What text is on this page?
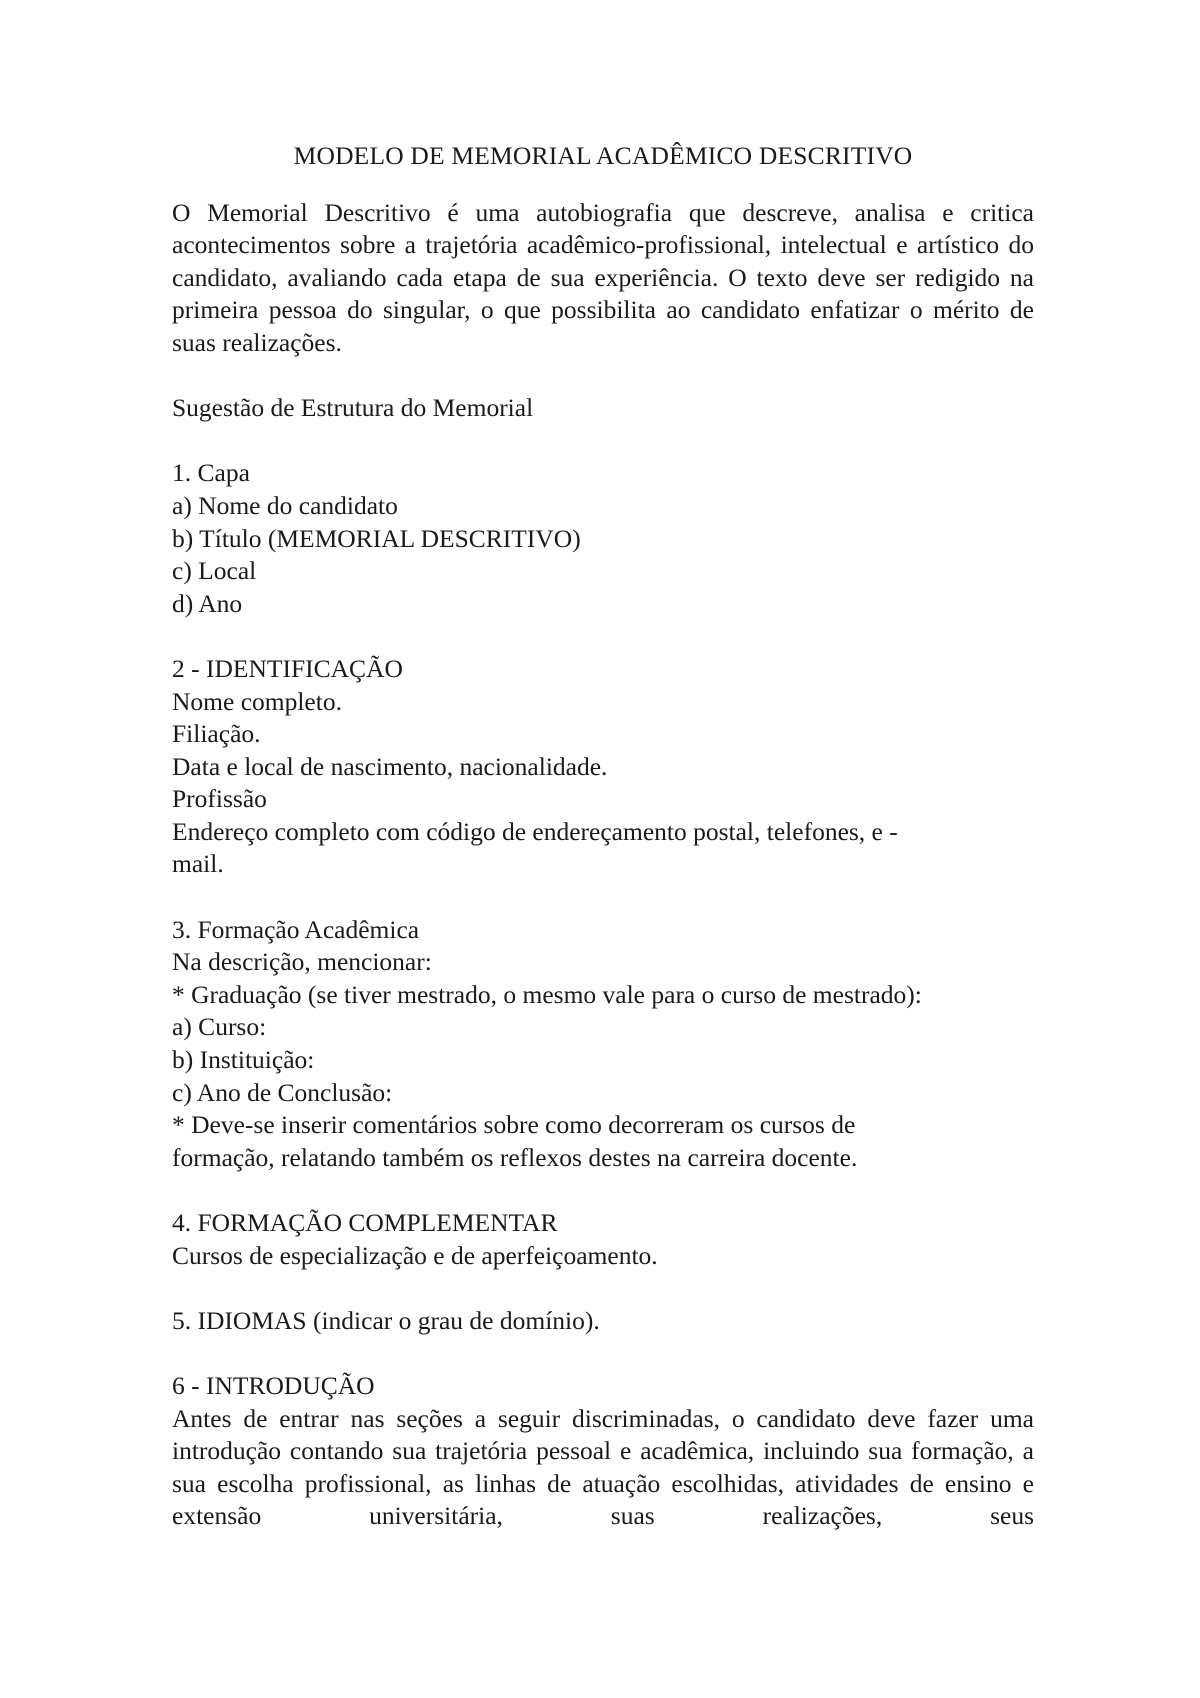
MODELO DE MEMORIAL ACADÊMICO DESCRITIVO

O Memorial Descritivo é uma autobiografia que descreve, analisa e critica acontecimentos sobre a trajetória acadêmico-profissional, intelectual e artístico do candidato, avaliando cada etapa de sua experiência. O texto deve ser redigido na primeira pessoa do singular, o que possibilita ao candidato enfatizar o mérito de suas realizações.

Sugestão de Estrutura do Memorial

1. Capa

a) Nome do candidato

b) Título (MEMORIAL DESCRITIVO)

c) Local

d) Ano

2 - IDENTIFICAÇÃO

Nome completo.

Filiação.

Data e local de nascimento, nacionalidade.

Profissão

Endereço completo com código de endereçamento postal, telefones, e -

mail.

3. Formação Acadêmica

Na descrição, mencionar:

* Graduação (se tiver mestrado, o mesmo vale para o curso de mestrado):

a) Curso:

b) Instituição:

c) Ano de Conclusão:

* Deve-se inserir comentários sobre como decorreram os cursos de

formação, relatando também os reflexos destes na carreira docente.

4. FORMAÇÃO COMPLEMENTAR

Cursos de especialização e de aperfeiçoamento.

5. IDIOMAS (indicar o grau de domínio).

6 - INTRODUÇÃO

Antes de entrar nas seções a seguir discriminadas, o candidato deve fazer uma introdução contando sua trajetória pessoal e acadêmica, incluindo sua formação, a sua escolha profissional, as linhas de atuação escolhidas, atividades de ensino e extensão universitária, suas realizações, seus
